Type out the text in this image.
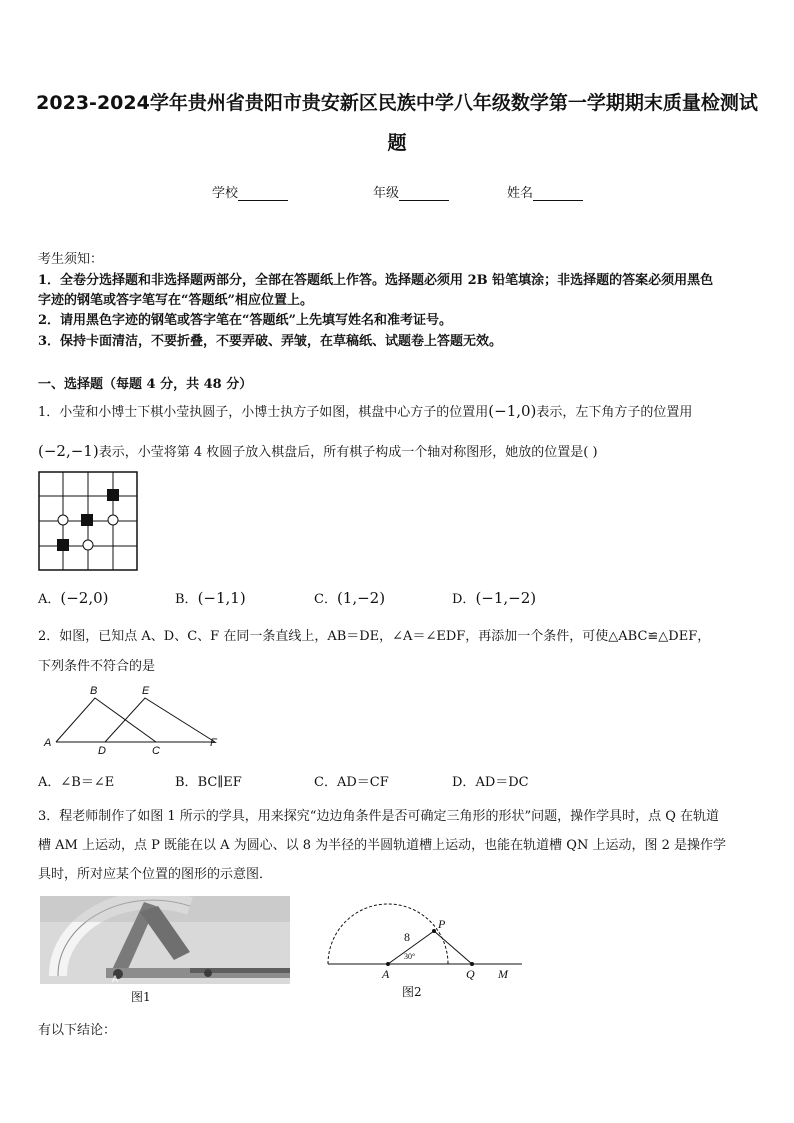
2023-2024学年贵州省贵阳市贵安新区民族中学八年级数学第一学期期末质量检测试
题
学校	年级	姓名
考生须知：
1．全卷分选择题和非选择题两部分，全部在答题纸上作答。选择题必须用 2B 铅笔填涂；非选择题的答案必须用黑色
字迹的钢笔或答字笔写在“答题纸”相应位置上。
2．请用黑色字迹的钢笔或答字笔在“答题纸”上先填写姓名和准考证号。
3．保持卡面清洁，不要折叠，不要弄破、弄皱，在草稿纸、试题卷上答题无效。
一、选择题（每题 4 分，共 48 分）
1．小莹和小博士下棋小莹执圆子，小博士执方子如图，棋盘中心方子的位置用(−1,0)表示，左下角方子的位置用
(−2,−1)表示，小莹将第 4 枚圆子放入棋盘后，所有棋子构成一个轴对称图形，她放的位置是( )
A．(−2,0)	B．(−1,1)	C．(1,−2)	D．(−1,−2)
2．如图，已知点 A、D、C、F 在同一条直线上，AB＝DE，∠A＝∠EDF，再添加一个条件，可使△ABC≌△DEF，
下列条件不符合的是
A
B	E
D	C
F
A．∠B＝∠E	B．BC∥EF	C．AD＝CF	D．AD＝DC
3．程老师制作了如图 1 所示的学具，用来探究“边边角条件是否可确定三角形的形状”问题，操作学具时，点 Q 在轨道
槽 AM 上运动，点 P 既能在以 A 为圆心、以 8 为半径的半圆轨道槽上运动，也能在轨道槽 QN 上运动，图 2 是操作学
具时，所对应某个位置的图形的示意图．
A
图1
A
P
Q M
8
30°
图2
有以下结论：
